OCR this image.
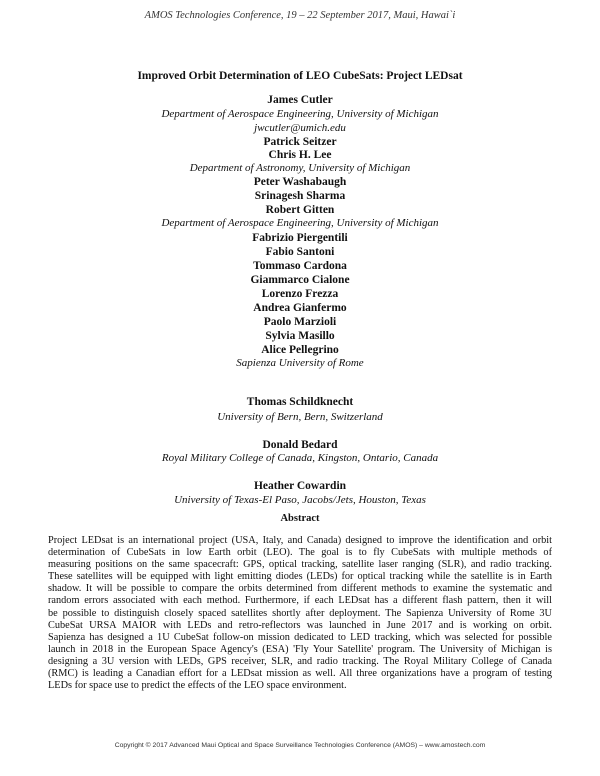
AMOS Technologies Conference, 19 – 22 September 2017, Maui, Hawai`i
Improved Orbit Determination of LEO CubeSats: Project LEDsat
James Cutler
Department of Aerospace Engineering, University of Michigan
jwcutler@umich.edu
Patrick Seitzer
Chris H. Lee
Department of Astronomy, University of Michigan
Peter Washabaugh
Srinagesh Sharma
Robert Gitten
Department of Aerospace Engineering, University of Michigan
Fabrizio Piergentili
Fabio Santoni
Tommaso Cardona
Giammarco Cialone
Lorenzo Frezza
Andrea Gianfermo
Paolo Marzioli
Sylvia Masillo
Alice Pellegrino
Sapienza University of Rome
Thomas Schildknecht
University of Bern, Bern, Switzerland
Donald Bedard
Royal Military College of Canada, Kingston, Ontario, Canada
Heather Cowardin
University of Texas-El Paso, Jacobs/Jets, Houston, Texas
Abstract
Project LEDsat is an international project (USA, Italy, and Canada) designed to improve the identification and orbit
determination of CubeSats in low Earth orbit (LEO). The goal is to fly CubeSats with multiple methods of
measuring positions on the same spacecraft: GPS, optical tracking, satellite laser ranging (SLR), and radio tracking.
These satellites will be equipped with light emitting diodes (LEDs) for optical tracking while the satellite is in Earth
shadow. It will be possible to compare the orbits determined from different methods to examine the systematic and
random errors associated with each method. Furthermore, if each LEDsat has a different flash pattern, then it will
be possible to distinguish closely spaced satellites shortly after deployment. The Sapienza University of Rome 3U
CubeSat URSA MAIOR with LEDs and retro-reflectors was launched in June 2017 and is working on orbit.
Sapienza has designed a 1U CubeSat follow-on mission dedicated to LED tracking, which was selected for possible
launch in 2018 in the European Space Agency's (ESA) 'Fly Your Satellite' program. The University of Michigan is
designing a 3U version with LEDs, GPS receiver, SLR, and radio tracking. The Royal Military College of Canada
(RMC) is leading a Canadian effort for a LEDsat mission as well. All three organizations have a program of testing
LEDs for space use to predict the effects of the LEO space environment.
Copyright © 2017 Advanced Maui Optical and Space Surveillance Technologies Conference (AMOS) – www.amostech.com
